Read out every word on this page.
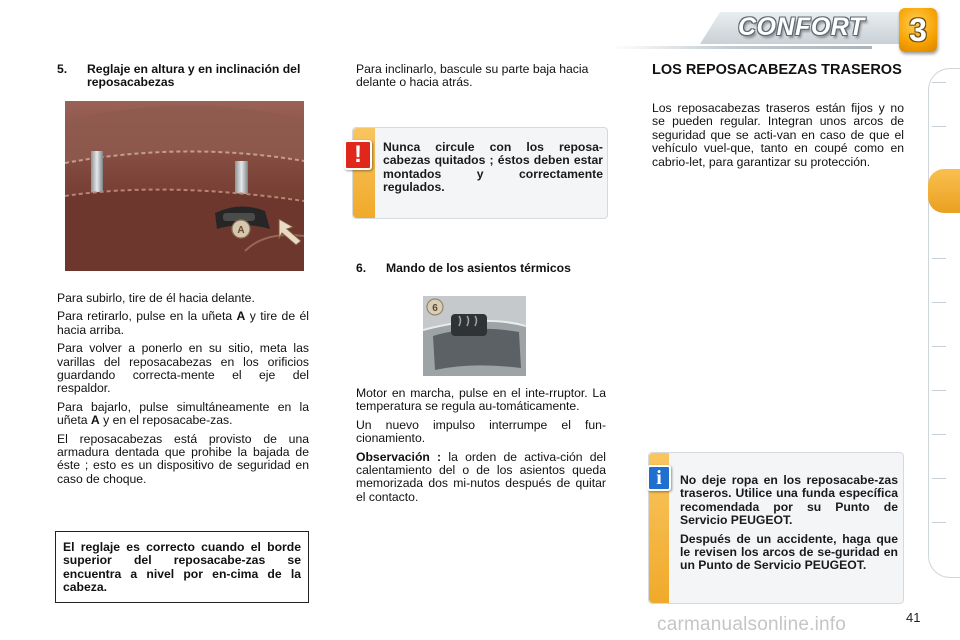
CONFORT	3
5.	Reglaje en altura y en inclinación del reposacabezas
A

Para subirlo, tire de él hacia delante.

Para retirarlo, pulse en la uñeta A y tire de él hacia arriba.

Para volver a ponerlo en su sitio, meta las varillas del reposacabezas en los orificios guardando correcta-mente el eje del respaldor.

Para bajarlo, pulse simultáneamente en la uñeta A y en el reposacabe-zas.

El reposacabezas está provisto de una armadura dentada que prohibe la bajada de éste ; esto es un dispositivo de seguridad en caso de choque.

El reglaje es correcto cuando el borde superior del reposacabe-zas se encuentra a nivel por en-cima de la cabeza.
Para inclinarlo, bascule su parte baja hacia delante o hacia atrás.
!	Nunca circule con los reposa-cabezas quitados ; éstos deben estar montados y correctamente regulados.
6.	Mando de los asientos térmicos
6

Motor en marcha, pulse en el inte-rruptor. La temperatura se regula au-tomáticamente.

Un nuevo impulso interrumpe el fun-cionamiento.

Observación : la orden de activa-ción del calentamiento del o de los asientos queda memorizada dos mi-nutos después de quitar el contacto.

LOS REPOSACABEZAS TRASEROS
Los reposacabezas traseros están fijos y no se pueden regular. Integran unos arcos de seguridad que se acti-van en caso de que el vehículo vuel-que, tanto en coupé como en cabrio-let, para garantizar su protección.
i	No deje ropa en los reposacabe-zas traseros. Utilice una funda específica recomendada por su Punto de Servicio PEUGEOT.

Después de un accidente, haga que le revisen los arcos de se-guridad en un Punto de Servicio PEUGEOT.

carmanualsonline.info	41
